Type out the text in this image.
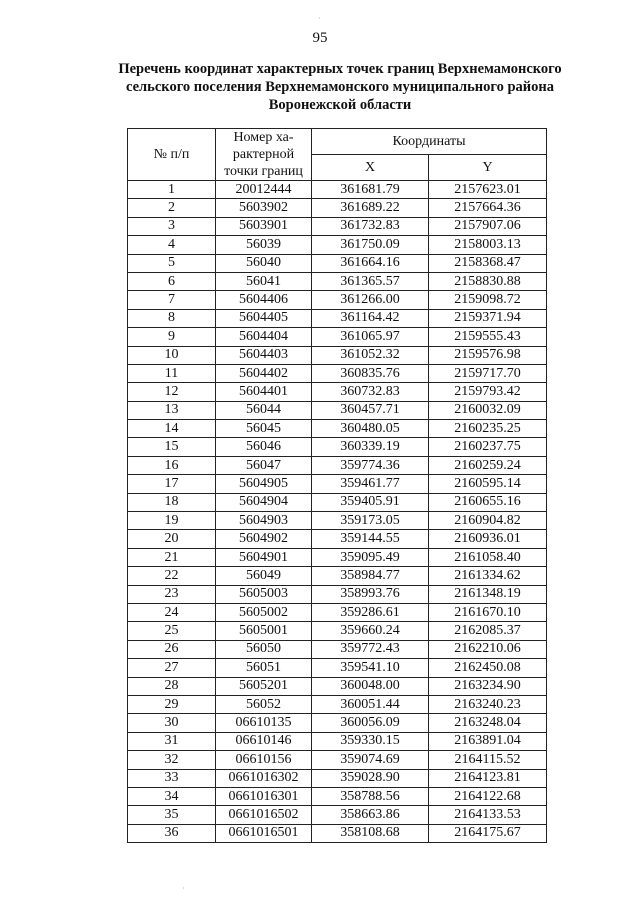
95
·
Перечень координат характерных точек границ Верхнемамонского
сельского поселения Верхнемамонского муниципального района
Воронежской области
№ п/п	Номер ха-рактерной точки границ	Координаты	
		X	Y
1	20012444	361681.79	2157623.01
2	5603902	361689.22	2157664.36
3	5603901	361732.83	2157907.06
4	56039	361750.09	2158003.13
5	56040	361664.16	2158368.47
6	56041	361365.57	2158830.88
7	5604406	361266.00	2159098.72
8	5604405	361164.42	2159371.94
9	5604404	361065.97	2159555.43
10	5604403	361052.32	2159576.98
11	5604402	360835.76	2159717.70
12	5604401	360732.83	2159793.42
13	56044	360457.71	2160032.09
14	56045	360480.05	2160235.25
15	56046	360339.19	2160237.75
16	56047	359774.36	2160259.24
17	5604905	359461.77	2160595.14
18	5604904	359405.91	2160655.16
19	5604903	359173.05	2160904.82
20	5604902	359144.55	2160936.01
21	5604901	359095.49	2161058.40
22	56049	358984.77	2161334.62
23	5605003	358993.76	2161348.19
24	5605002	359286.61	2161670.10
25	5605001	359660.24	2162085.37
26	56050	359772.43	2162210.06
27	56051	359541.10	2162450.08
28	5605201	360048.00	2163234.90
29	56052	360051.44	2163240.23
30	06610135	360056.09	2163248.04
31	06610146	359330.15	2163891.04
32	06610156	359074.69	2164115.52
33	0661016302	359028.90	2164123.81
34	0661016301	358788.56	2164122.68
35	0661016502	358663.86	2164133.53
36	0661016501	358108.68	2164175.67
·
